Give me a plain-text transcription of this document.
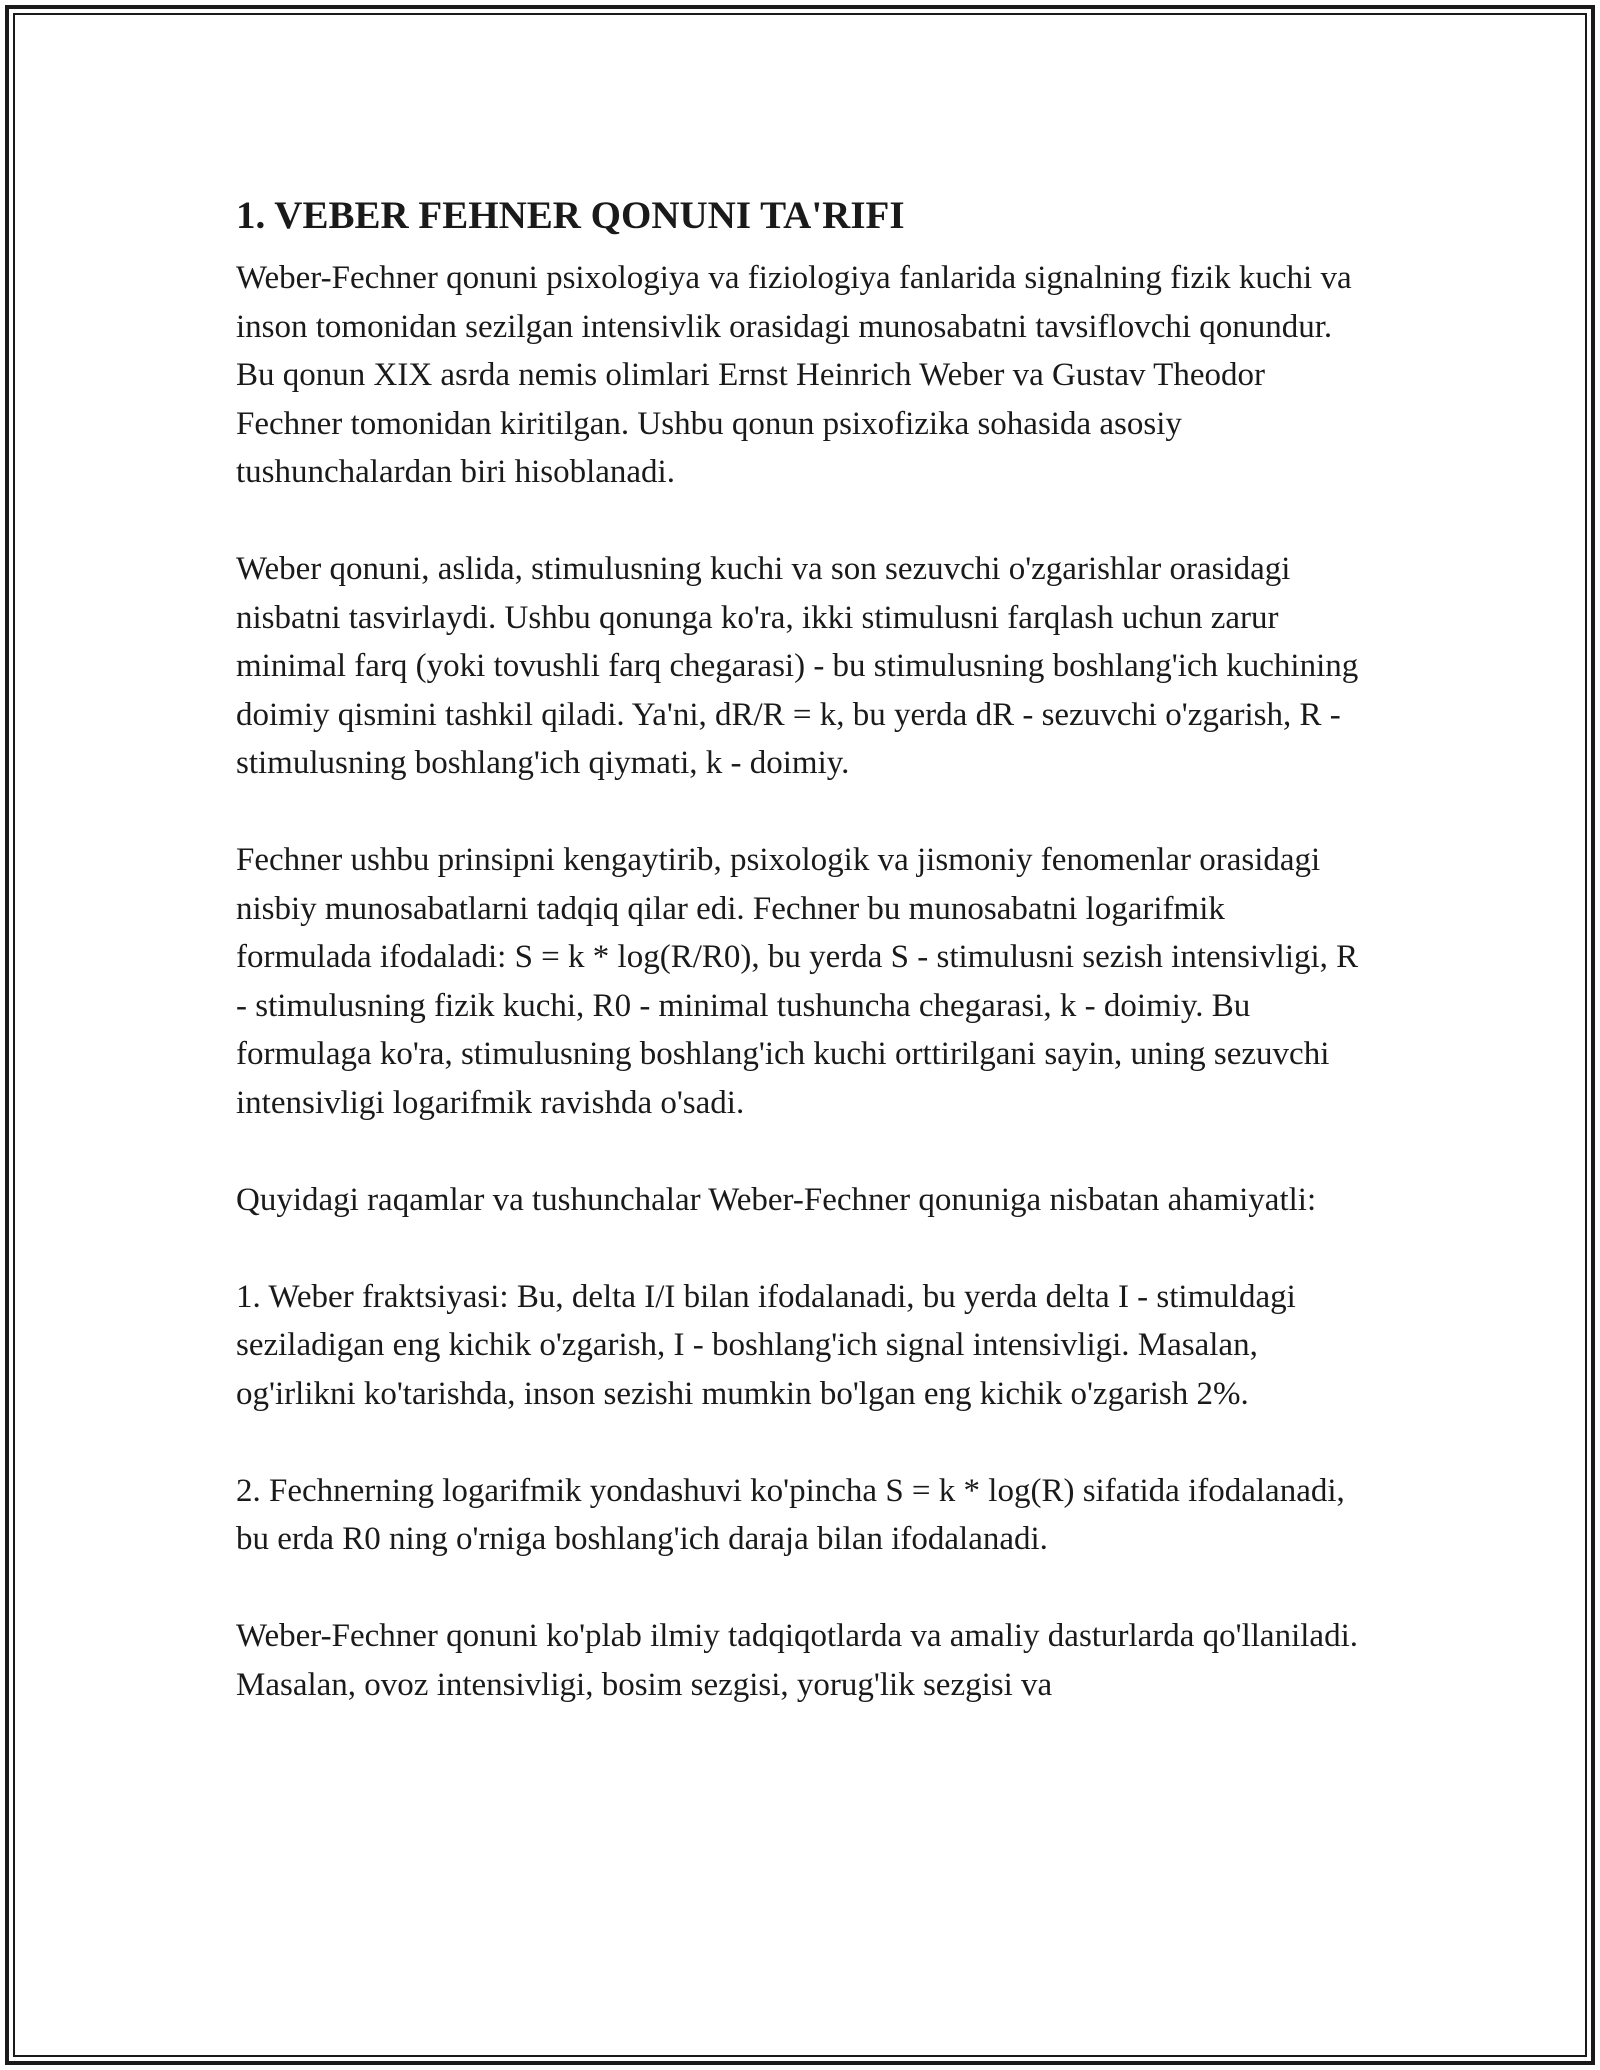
1. VEBER FEHNER QONUNI TA'RIFI

Weber-Fechner qonuni psixologiya va fiziologiya fanlarida signalning fizik kuchi va inson tomonidan sezilgan intensivlik orasidagi munosabatni tavsiflovchi qonundur. Bu qonun XIX asrda nemis olimlari Ernst Heinrich Weber va Gustav Theodor Fechner tomonidan kiritilgan. Ushbu qonun psixofizika sohasida asosiy tushunchalardan biri hisoblanadi.

Weber qonuni, aslida, stimulusning kuchi va son sezuvchi o'zgarishlar orasidagi nisbatni tasvirlaydi. Ushbu qonunga ko'ra, ikki stimulusni farqlash uchun zarur minimal farq (yoki tovushli farq chegarasi) - bu stimulusning boshlang'ich kuchining doimiy qismini tashkil qiladi. Ya'ni, dR/R = k, bu yerda dR - sezuvchi o'zgarish, R - stimulusning boshlang'ich qiymati, k - doimiy.

Fechner ushbu prinsipni kengaytirib, psixologik va jismoniy fenomenlar orasidagi nisbiy munosabatlarni tadqiq qilar edi. Fechner bu munosabatni logarifmik formulada ifodaladi: S = k * log(R/R0), bu yerda S - stimulusni sezish intensivligi, R - stimulusning fizik kuchi, R0 - minimal tushuncha chegarasi, k - doimiy. Bu formulaga ko'ra, stimulusning boshlang'ich kuchi orttirilgani sayin, uning sezuvchi intensivligi logarifmik ravishda o'sadi.

Quyidagi raqamlar va tushunchalar Weber-Fechner qonuniga nisbatan ahamiyatli:

1. Weber fraktsiyasi: Bu, delta I/I bilan ifodalanadi, bu yerda delta I - stimuldagi seziladigan eng kichik o'zgarish, I - boshlang'ich signal intensivligi. Masalan, og'irlikni ko'tarishda, inson sezishi mumkin bo'lgan eng kichik o'zgarish 2%.

2. Fechnerning logarifmik yondashuvi ko'pincha S = k * log(R) sifatida ifodalanadi, bu erda R0 ning o'rniga boshlang'ich daraja bilan ifodalanadi.

Weber-Fechner qonuni ko'plab ilmiy tadqiqotlarda va amaliy dasturlarda qo'llaniladi. Masalan, ovoz intensivligi, bosim sezgisi, yorug'lik sezgisi va
